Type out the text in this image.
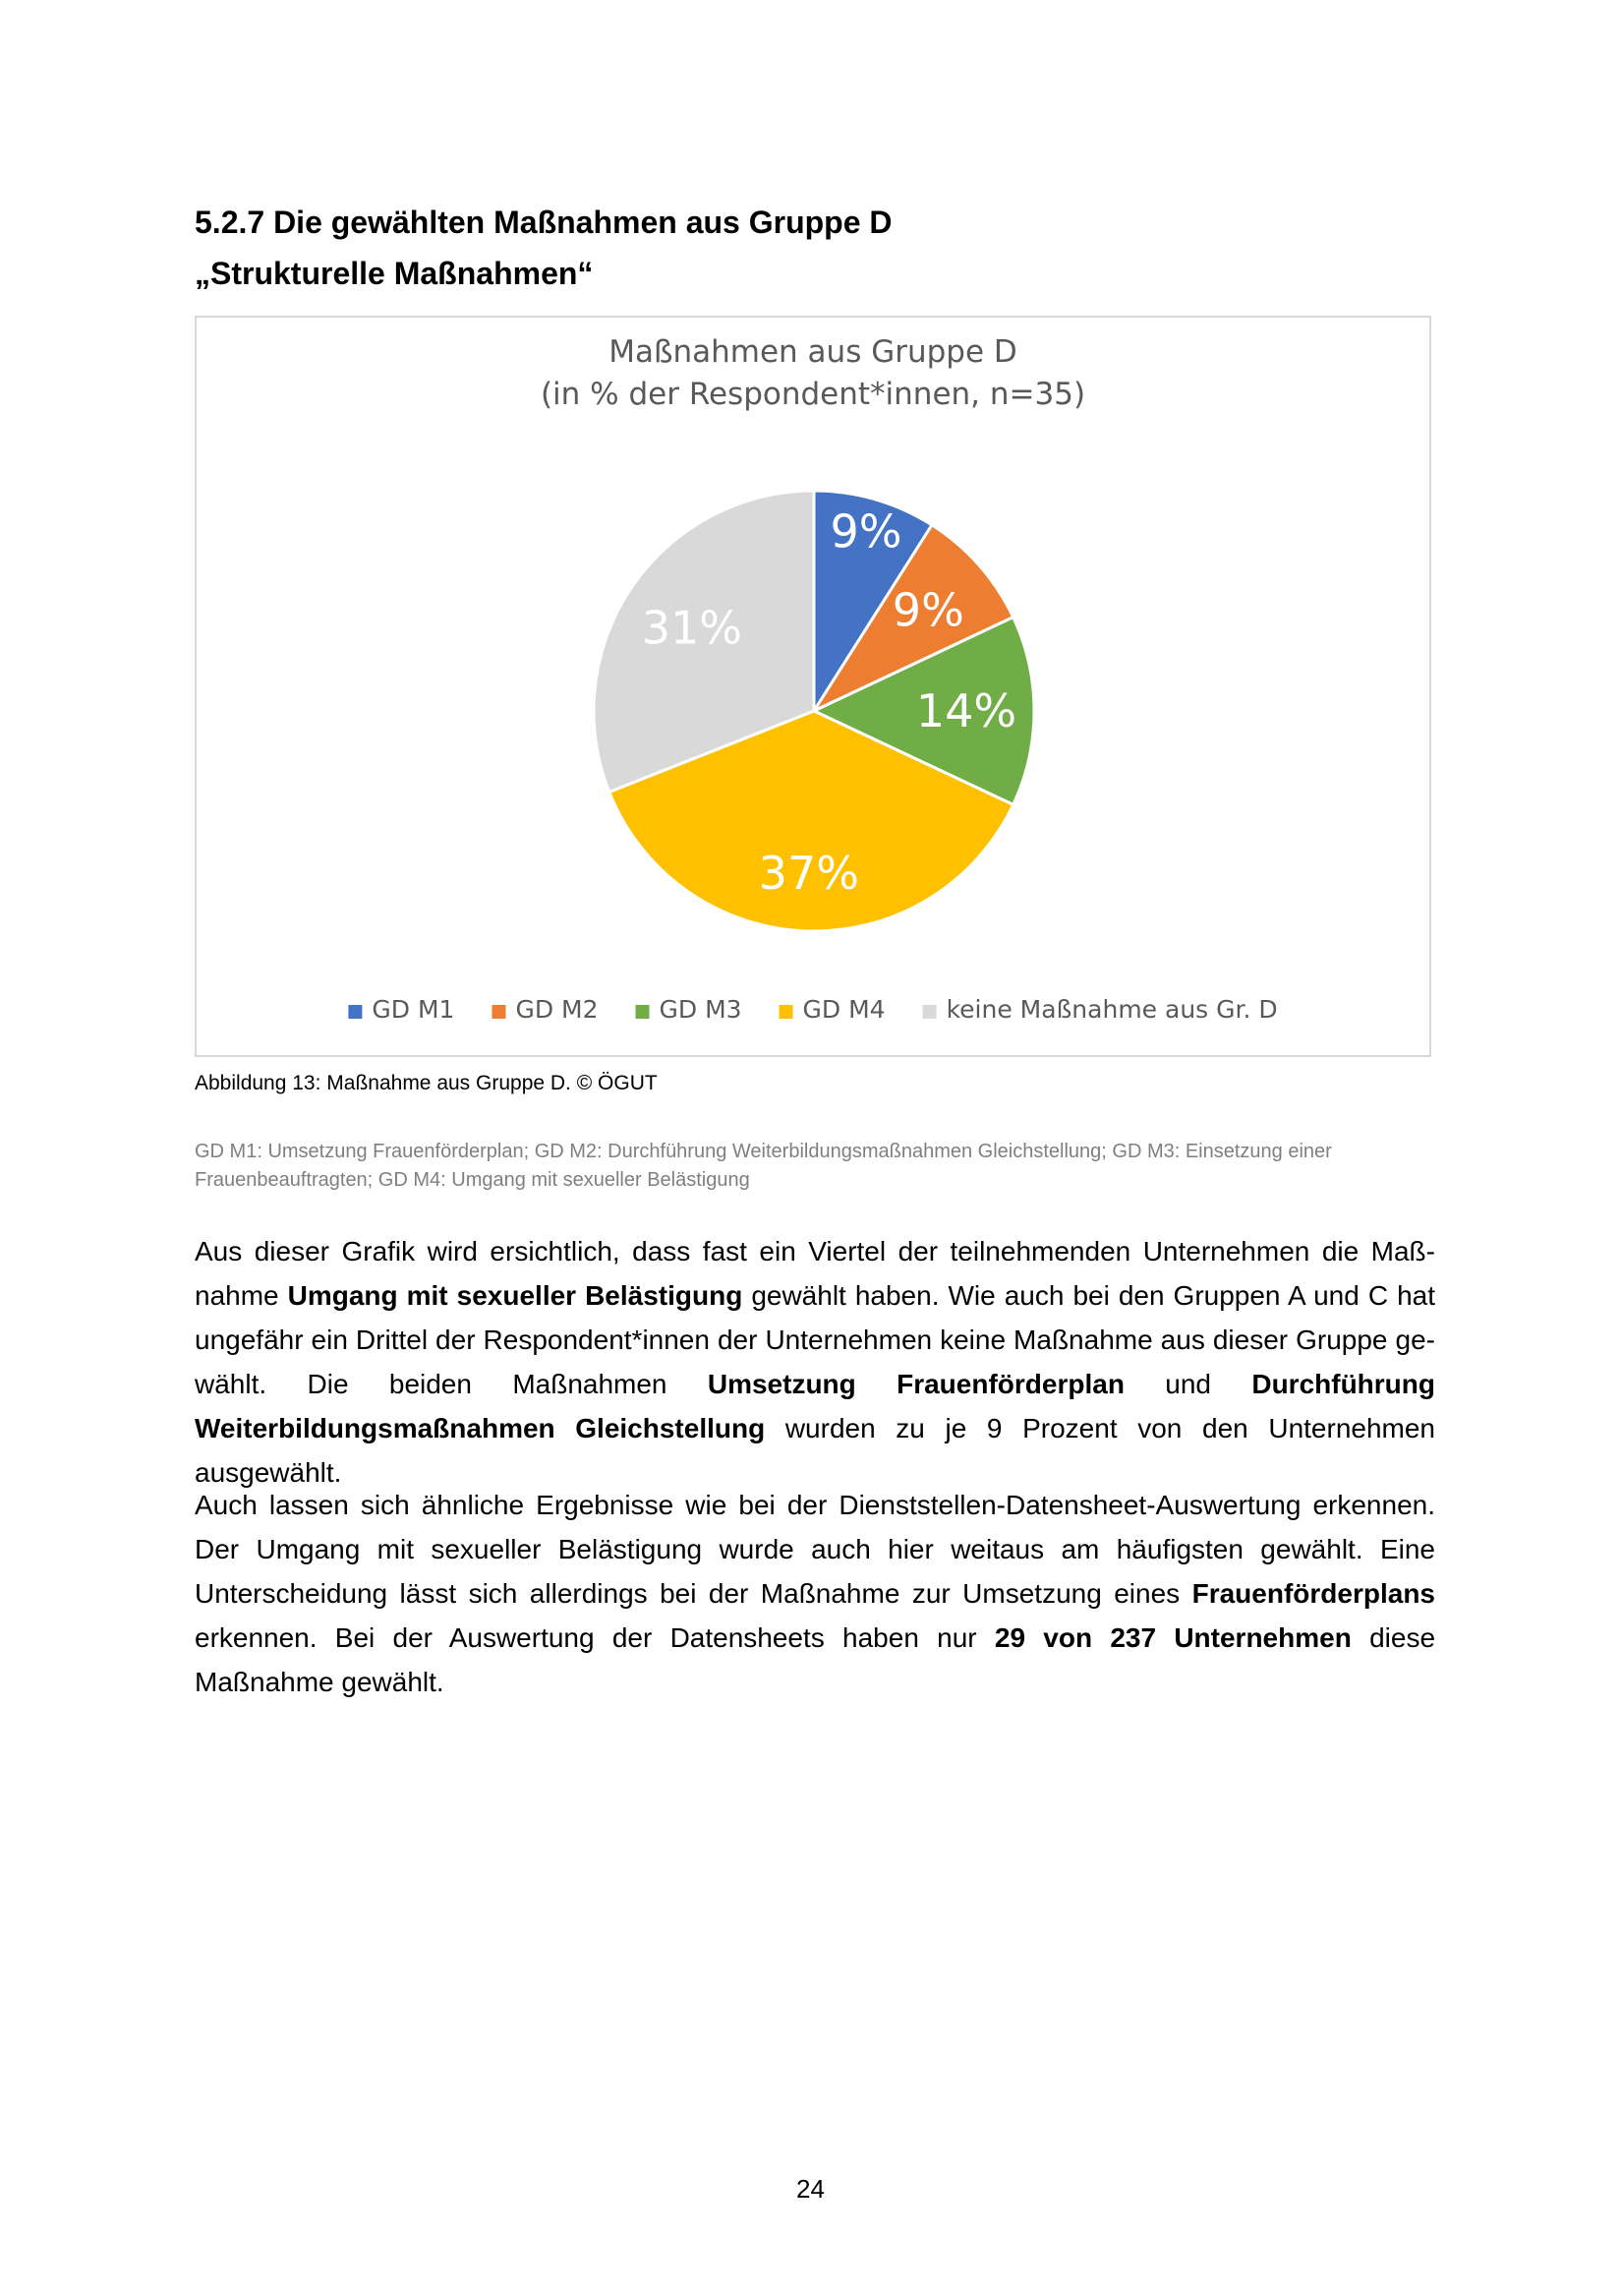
5.2.7 Die gewählten Maßnahmen aus Gruppe D
„Strukturelle Maßnahmen“
Maßnahmen aus Gruppe D
(in % der Respondent*innen, n=35)
9%
9%
14%
37%
31%
GD M1 GD M2 GD M3 GD M4 keine Maßnahme aus Gr. D

Abbildung 13: Maßnahme aus Gruppe D. © ÖGUT

GD M1: Umsetzung Frauenförderplan; GD M2: Durchführung Weiterbildungsmaßnahmen Gleichstellung; GD M3: Einsetzung einer Frauenbeauftragten; GD M4: Umgang mit sexueller Belästigung

Aus dieser Grafik wird ersichtlich, dass fast ein Viertel der teilnehmenden Unternehmen die Maßnahme Umgang mit sexueller Belästigung gewählt haben. Wie auch bei den Gruppen A und C hat ungefähr ein Drittel der Respondent*innen der Unternehmen keine Maßnahme aus dieser Gruppe gewählt. Die beiden Maßnahmen Umsetzung Frauenförderplan und Durchführung Weiterbildungsmaßnahmen Gleichstellung wurden zu je 9 Prozent von den Unternehmen ausgewählt.

Auch lassen sich ähnliche Ergebnisse wie bei der Dienststellen-Datensheet-Auswertung erkennen. Der Umgang mit sexueller Belästigung wurde auch hier weitaus am häufigsten gewählt. Eine Unterscheidung lässt sich allerdings bei der Maßnahme zur Umsetzung eines Frauenförderplans erkennen. Bei der Auswertung der Datensheets haben nur 29 von 237 Unternehmen diese Maßnahme gewählt.

24
